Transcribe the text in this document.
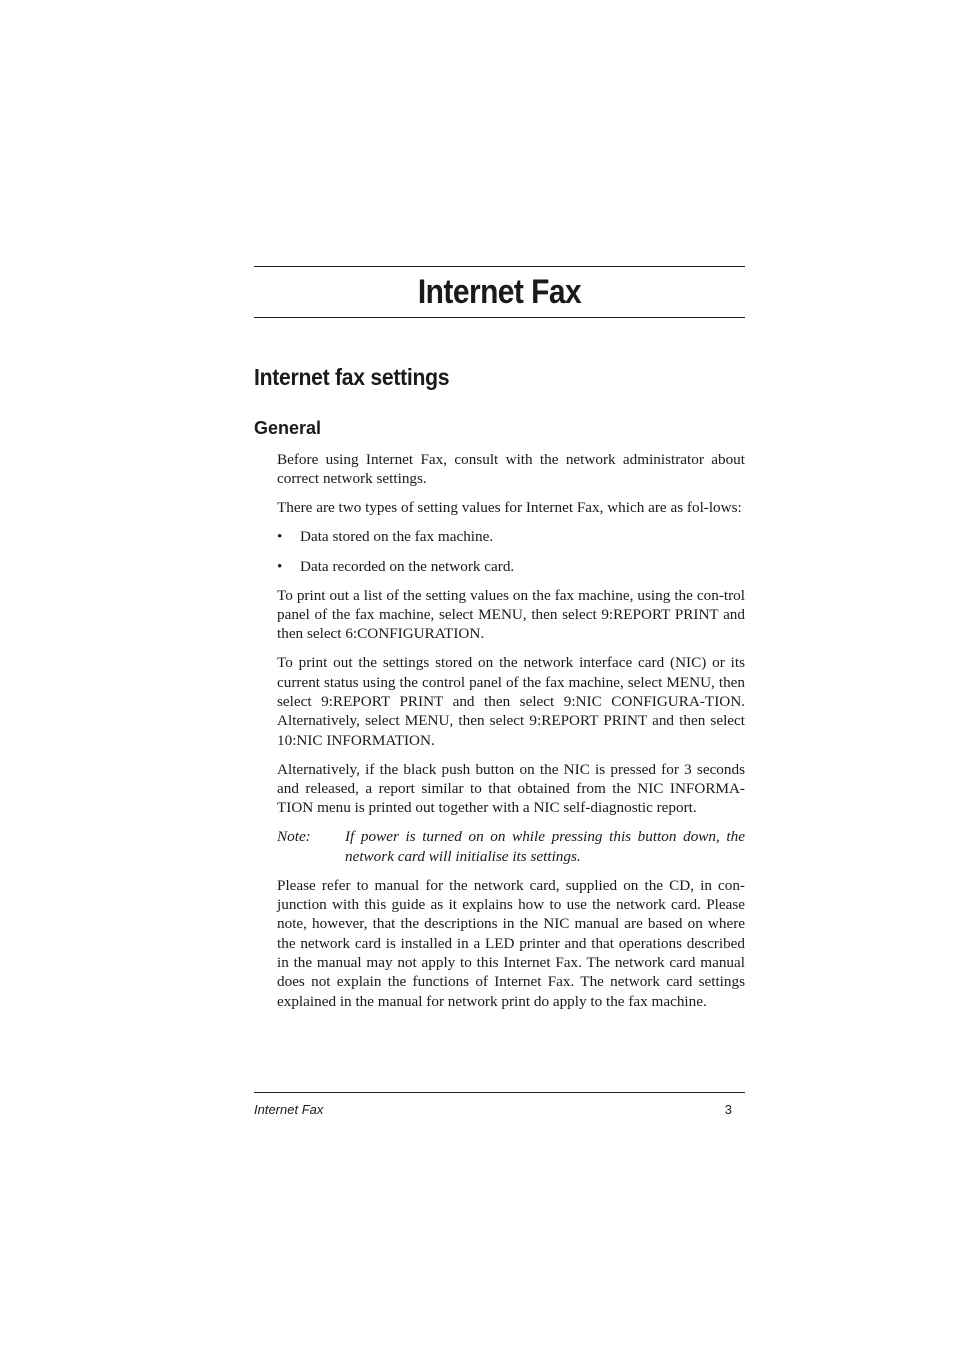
Internet Fax
Internet fax settings
General

Before using Internet Fax, consult with the network administrator about correct network settings.

There are two types of setting values for Internet Fax, which are as fol-lows:

• Data stored on the fax machine.
• Data recorded on the network card.

To print out a list of the setting values on the fax machine, using the con-trol panel of the fax machine, select MENU, then select 9:REPORT PRINT and then select 6:CONFIGURATION.

To print out the settings stored on the network interface card (NIC) or its current status using the control panel of the fax machine, select MENU, then select 9:REPORT PRINT and then select 9:NIC CONFIGURA-TION. Alternatively, select MENU, then select 9:REPORT PRINT and then select 10:NIC INFORMATION.

Alternatively, if the black push button on the NIC is pressed for 3 seconds and released, a report similar to that obtained from the NIC INFORMA-TION menu is printed out together with a NIC self-diagnostic report.

Note:	If power is turned on on while pressing this button down, the network card will initialise its settings.

Please refer to manual for the network card, supplied on the CD, in con-junction with this guide as it explains how to use the network card. Please note, however, that the descriptions in the NIC manual are based on where the network card is installed in a LED printer and that operations described in the manual may not apply to this Internet Fax. The network card manual does not explain the functions of Internet Fax. The network card settings explained in the manual for network print do apply to the fax machine.

Internet Fax	3
